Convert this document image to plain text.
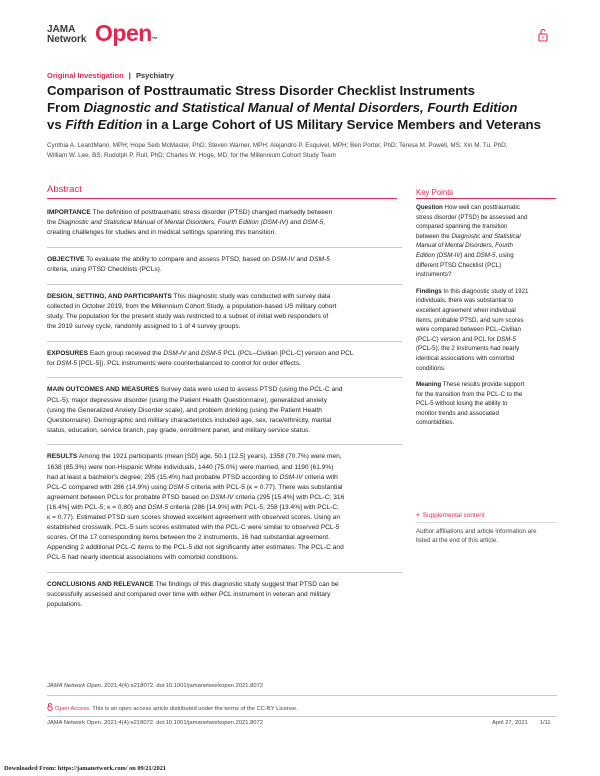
JAMA
Network Open™
Original Investigation | Psychiatry
Comparison of Posttraumatic Stress Disorder Checklist Instruments
From Diagnostic and Statistical Manual of Mental Disorders, Fourth Edition
vs Fifth Edition in a Large Cohort of US Military Service Members and Veterans
Cynthia A. LeardMann, MPH; Hope Seib McMaster, PhD; Steven Warner, MPH; Alejandro P. Esquivel, MPH; Ben Porter, PhD; Teresa M. Powell, MS; Xin M. Tu, PhD;
William W. Lee, BS; Rudolph P. Rull, PhD; Charles W. Hoge, MD; for the Millennium Cohort Study Team
Abstract

IMPORTANCE The definition of posttraumatic stress disorder (PTSD) changed markedly between
the Diagnostic and Statistical Manual of Mental Disorders, Fourth Edition (DSM-IV) and DSM-5,
creating challenges for studies and in medical settings spanning this transition.

OBJECTIVE To evaluate the ability to compare and assess PTSD, based on DSM-IV and DSM-5
criteria, using PTSD Checklists (PCLs).

DESIGN, SETTING, AND PARTICIPANTS This diagnostic study was conducted with survey data
collected in October 2019, from the Millennium Cohort Study, a population-based US military cohort
study. The population for the present study was restricted to a subset of initial web responders of
the 2019 survey cycle, randomly assigned to 1 of 4 survey groups.

EXPOSURES Each group received the DSM-IV and DSM-5 PCL (PCL–Civilian [PCL-C] version and PCL
for DSM-5 [PCL-5]). PCL instruments were counterbalanced to control for order effects.

MAIN OUTCOMES AND MEASURES Survey data were used to assess PTSD (using the PCL-C and
PCL-5), major depressive disorder (using the Patient Health Questionnaire), generalized anxiety
(using the Generalized Anxiety Disorder scale), and problem drinking (using the Patient Health
Questionnaire). Demographic and military characteristics included age, sex, race/ethnicity, marital
status, education, service branch, pay grade, enrollment panel, and military service status.

RESULTS Among the 1921 participants (mean [SD] age, 50.1 [12.5] years), 1358 (70.7%) were men,
1638 (85.3%) were non-Hispanic White individuals, 1440 (75.0%) were married, and 1190 (61.9%)
had at least a bachelor's degree; 295 (15.4%) had probable PTSD according to DSM-IV criteria with
PCL-C compared with 286 (14.9%) using DSM-5 criteria with PCL-5 (κ = 0.77). There was substantial
agreement between PCLs for probable PTSD based on DSM-IV criteria (295 [15.4%] with PCL-C; 316
[16.4%] with PCL-5; κ = 0.80) and DSM-5 criteria (286 [14.9%] with PCL-5; 258 [13.4%] with PCL-C;
κ = 0.77). Estimated PTSD sum scores showed excellent agreement with observed scores. Using an
established crosswalk, PCL-5 sum scores estimated with the PCL-C were similar to observed PCL-5
scores. Of the 17 corresponding items between the 2 instruments, 16 had substantial agreement.
Appending 2 additional PCL-C items to the PCL-5 did not significantly alter estimates. The PCL-C and
PCL-5 had nearly identical associations with comorbid conditions.

CONCLUSIONS AND RELEVANCE The findings of this diagnostic study suggest that PTSD can be
successfully assessed and compared over time with either PCL instrument in veteran and military
populations.

Key Points

Question How well can posttraumatic
stress disorder (PTSD) be assessed and
compared spanning the transition
between the Diagnostic and Statistical
Manual of Mental Disorders, Fourth
Edition (DSM-IV) and DSM-5, using
different PTSD Checklist (PCL)
instruments?

Findings In this diagnostic study of 1921
individuals, there was substantial to
excellent agreement when individual
items, probable PTSD, and sum scores
were compared between PCL–Civilian
(PCL-C) version and PCL for DSM-5
(PCL-5); the 2 instruments had nearly
identical associations with comorbid
conditions.

Meaning These results provide support
for the transition from the PCL-C to the
PCL-5 without losing the ability to
monitor trends and associated
comorbidities.

+ Supplemental content
Author affiliations and article information are
listed at the end of this article.
JAMA Network Open. 2021;4(4):e218072. doi:10.1001/jamanetworkopen.2021.8072
Open Access. This is an open access article distributed under the terms of the CC-BY License.
JAMA Network Open. 2021;4(4):e218072. doi:10.1001/jamanetworkopen.2021.8072	April 27, 2021 1/11
Downloaded From: https://jamanetwork.com/ on 09/21/2021
